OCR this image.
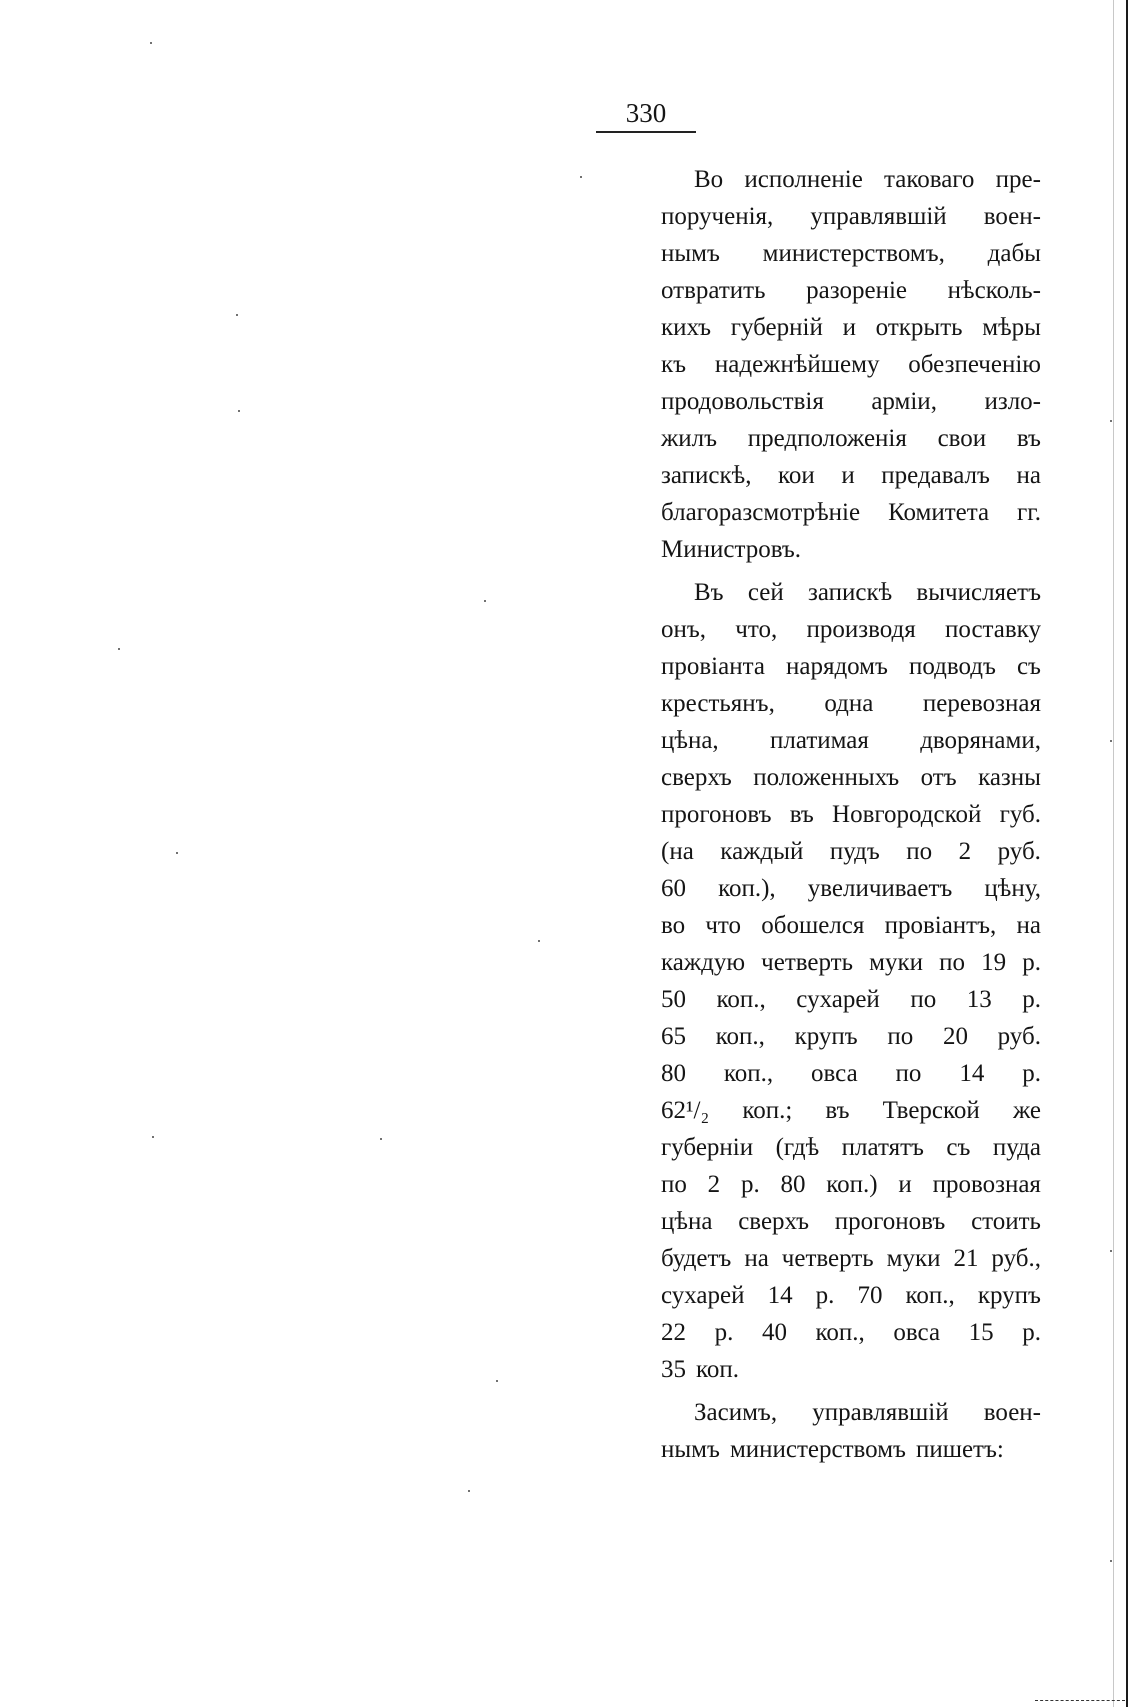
330
Во исполненіе таковаго пре-
порученія, управлявшій воен-
нымъ министерствомъ, дабы
отвратить разореніе нѣсколь-
кихъ губерній и открыть мѣры
къ надежнѣйшему обезпеченію
продовольствія арміи, изло-
жилъ предположенія свои въ
запискѣ, кои и предавалъ на
благоразсмотрѣніе Комитета гг.
Министровъ.
Въ сей запискѣ вычисляетъ
онъ, что, производя поставку
провіанта нарядомъ подводъ съ
крестьянъ, одна перевозная
цѣна, платимая дворянами,
сверхъ положенныхъ отъ казны
прогоновъ въ Новгородской губ.
(на каждый пудъ по 2 руб.
60 коп.), увеличиваетъ цѣну,
во что обошелся провіантъ, на
каждую четверть муки по 19 р.
50 коп., сухарей по 13 р.
65 коп., крупъ по 20 руб.
80 коп., овса по 14 р.
62¹/₂ коп.; въ Тверской же
губерніи (гдѣ платятъ съ пуда
по 2 р. 80 коп.) и провозная
цѣна сверхъ прогоновъ стоить
будетъ на четверть муки 21 руб.,
сухарей 14 р. 70 коп., крупъ
22 р. 40 коп., овса 15 р.
35 коп.
Засимъ, управлявшій воен-
нымъ министерствомъ пишетъ:
